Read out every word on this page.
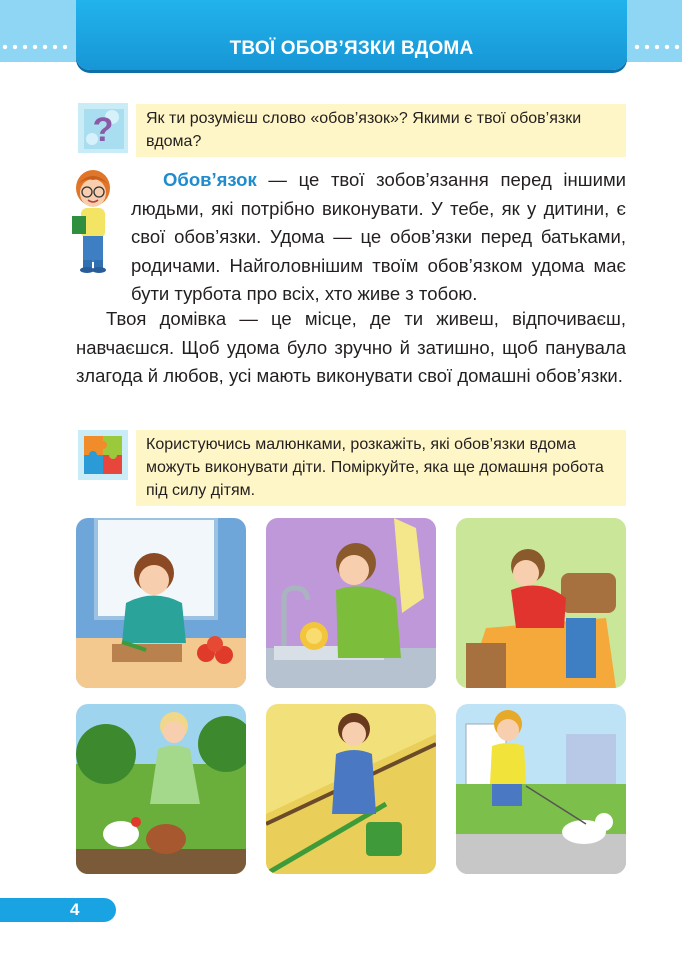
ТВОЇ ОБОВ’ЯЗКИ ВДОМА
?	Як ти розумієш слово «обов’язок»? Якими є твої обов’язки вдома?
Обов’язок — це твої зобов’язання перед іншими людьми, які потрібно виконувати. У тебе, як у дитини, є свої обов’язки. Удома — це обов’язки перед батьками, родичами. Найголовнішим твоїм обов’язком удома має бути турбота про всіх, хто живе з тобою.
Твоя домівка — це місце, де ти живеш, відпочиваєш, навчаєшся. Щоб удома було зручно й затишно, щоб панувала злагода й любов, усі мають виконувати свої домашні обов’язки.
Користуючись малюнками, розкажіть, які обов’язки вдома можуть виконувати діти. Поміркуйте, яка ще домашня робота під силу дітям.
4
